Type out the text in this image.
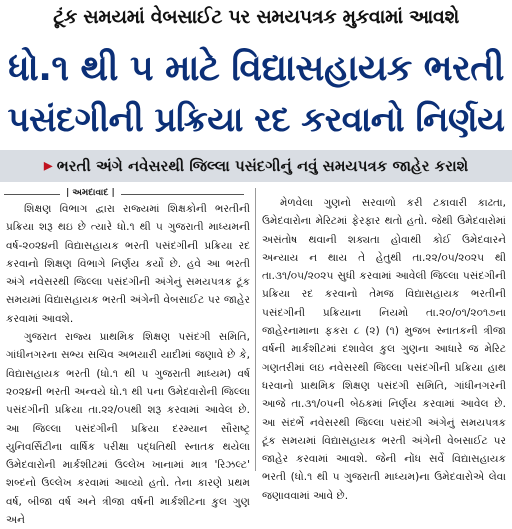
ટૂંક સમયમાં વેબસાઈટ પર સમયપત્રક મુકવામાં આવશે
ધો.૧ થી ૫ માટે વિદ્યાસહાયક ભરતી
પસંદગીની પ્રક્રિયા રદ કરવાનો નિર્ણય
▸ ભરતી અંગે નવેસરથી જિલ્લા પસંદગીનું નવું સમયપત્રક જાહેર કરાશે
| અમદાવાદ |

શિક્ષણ વિભાગ દ્વારા રાજ્યમાં શિક્ષકોની ભરતીની પ્રક્રિયા શરૂ થઇ છે ત્યારે ધો.૧ થી ૫ ગુજરાતી માધ્યમની વર્ષ-૨૦૨૪ની વિદ્યાસહાયક ભરતી પસંદગીની પ્રક્રિયા રદ કરવાનો શિક્ષણ વિભાગે નિર્ણય કર્યો છે. હવે આ ભરતી અંગે નવેસરથી જિલ્લા પસંદગીની અંગેનું સમયપત્રક ટૂંક સમયમાં વિદ્યાસહાયક ભરતી અંગેની વેબસાઈટ પર જાહેર કરવામાં આવશે.

ગુજરાત રાજ્ય પ્રાથમિક શિક્ષણ પસંદગી સમિતિ, ગાંધીનગરના સભ્ય સચિવ અભયારી યાદીમાં જણાવે છે કે, વિદ્યાસહાયક ભરતી (ધો.૧ થી ૫ ગુજરાતી માધ્યમ) વર્ષ ૨૦૨૪ની ભરતી અન્વયે ધો.૧ થી પના ઉમેદવારોની જિલ્લા પસંદગીની પ્રક્રિયા તા.૨૨/૦૫થી શરૂ કરવામાં આવેલ છે. આ જિલ્લા પસંદગીની પ્રક્રિયા દરમ્યાન સૌરાષ્ટ્ર યુનિવર્સિટીના વાર્ષિક પરીક્ષા પદ્ધતિથી સ્નાતક થયેલા ઉમેદવારોની માર્કશીટમાં ઉલ્લેખ ખાનામાં માત્ર 'રિઝલ્ટ' શબ્દનો ઉલ્લેખ કરવામાં આવ્યો હતો. તેના કારણે પ્રથમ વર્ષ, બીજા વર્ષ અને ત્રીજા વર્ષની માર્કશીટના કુલ ગુણ અને

મેળવેલા ગુણનો સરવાળો કરી ટકાવારી કાઢતા, ઉમેદવારોના મેરિટમાં ફેરફાર થતો હતો. જેથી ઉમેદવારોમાં અસંતોષ થવાની શક્યતા હોવાથી કોઈ ઉમેદવારને અન્યાય ન થાય તે હેતુથી તા.૨૨/૦૫/૨૦૨૫ થી તા.૩૧/૦૫/૨૦૨૫ સુધી કરવામાં આવેલી જિલ્લા પસંદગીની પ્રક્રિયા રદ કરવાનો તેમજ વિદ્યાસહાયક ભરતીની પસંદગીની પ્રક્રિયાના નિયમો તા.૨૦/૦૧/૨૦૧૭ના જાહેરનામાના ફકરા ૮ (૨) (૧) મુજબ સ્નાતકની ત્રીજા વર્ષની માર્કશીટમાં દશાવેલ કુલ ગુણના આધારે જ મેરિટ ગણતરીમાં લઇ નવેસરથી જિલ્લા પસંદગીની પ્રક્રિયા હાથ ધરવાનો પ્રાથમિક શિક્ષણ પસંદગી સમિતિ, ગાંધીનગરની આજે તા.૩૧/૦૫ની બેઠકમાં નિર્ણય કરવામાં આવેલ છે. આ સંદર્ભે નવેસરથી જિલ્લા પસંદગી અંગેનું સમયપત્રક ટૂંક સમયમાં વિદ્યાસહાયક ભરતી અંગેની વેબસાઈટ પર જાહેર કરવામાં આવશે. જેની નોંધ સર્વે વિદ્યાસહાયક ભરતી (ધો.૧ થી ૫ ગુજરાતી માધ્યમ)ના ઉમેદવારોએ લેવા જણાવવામાં આવે છે.
